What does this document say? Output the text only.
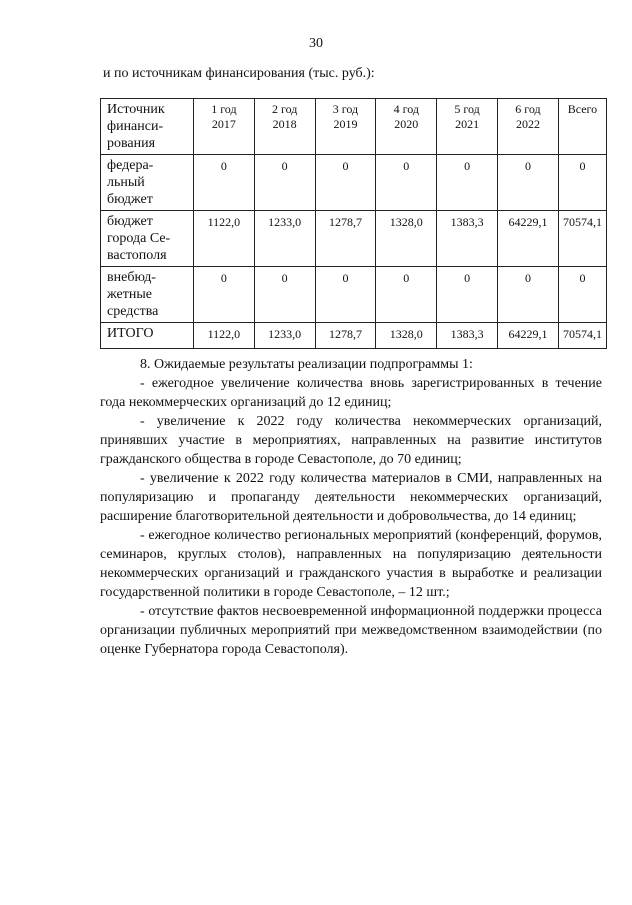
30
и по источникам финансирования (тыс. руб.):
Источник финанси-рования	1 год 2017	2 год 2018	3 год 2019	4 год 2020	5 год 2021	6 год 2022	Всего
федера-льный бюджет	0	0	0	0	0	0	0
бюджет города Се-вастополя	1122,0	1233,0	1278,7	1328,0	1383,3	64229,1	70574,1
внебюд-жетные средства	0	0	0	0	0	0	0
ИТОГО	1122,0	1233,0	1278,7	1328,0	1383,3	64229,1	70574,1

8. Ожидаемые результаты реализации подпрограммы 1:

- ежегодное увеличение количества вновь зарегистрированных в течение года некоммерческих организаций до 12 единиц;

- увеличение к 2022 году количества некоммерческих организаций, принявших участие в мероприятиях, направленных на развитие институтов гражданского общества в городе Севастополе, до 70 единиц;

- увеличение к 2022 году количества материалов в СМИ, направленных на популяризацию и пропаганду деятельности некоммерческих организаций, расширение благотворительной деятельности и добровольчества, до 14 единиц;

- ежегодное количество региональных мероприятий (конференций, форумов, семинаров, круглых столов), направленных на популяризацию деятельности некоммерческих организаций и гражданского участия в выработке и реализации государственной политики в городе Севастополе, – 12 шт.;

- отсутствие фактов несвоевременной информационной поддержки процесса организации публичных мероприятий при межведомственном взаимодействии (по оценке Губернатора города Севастополя).
